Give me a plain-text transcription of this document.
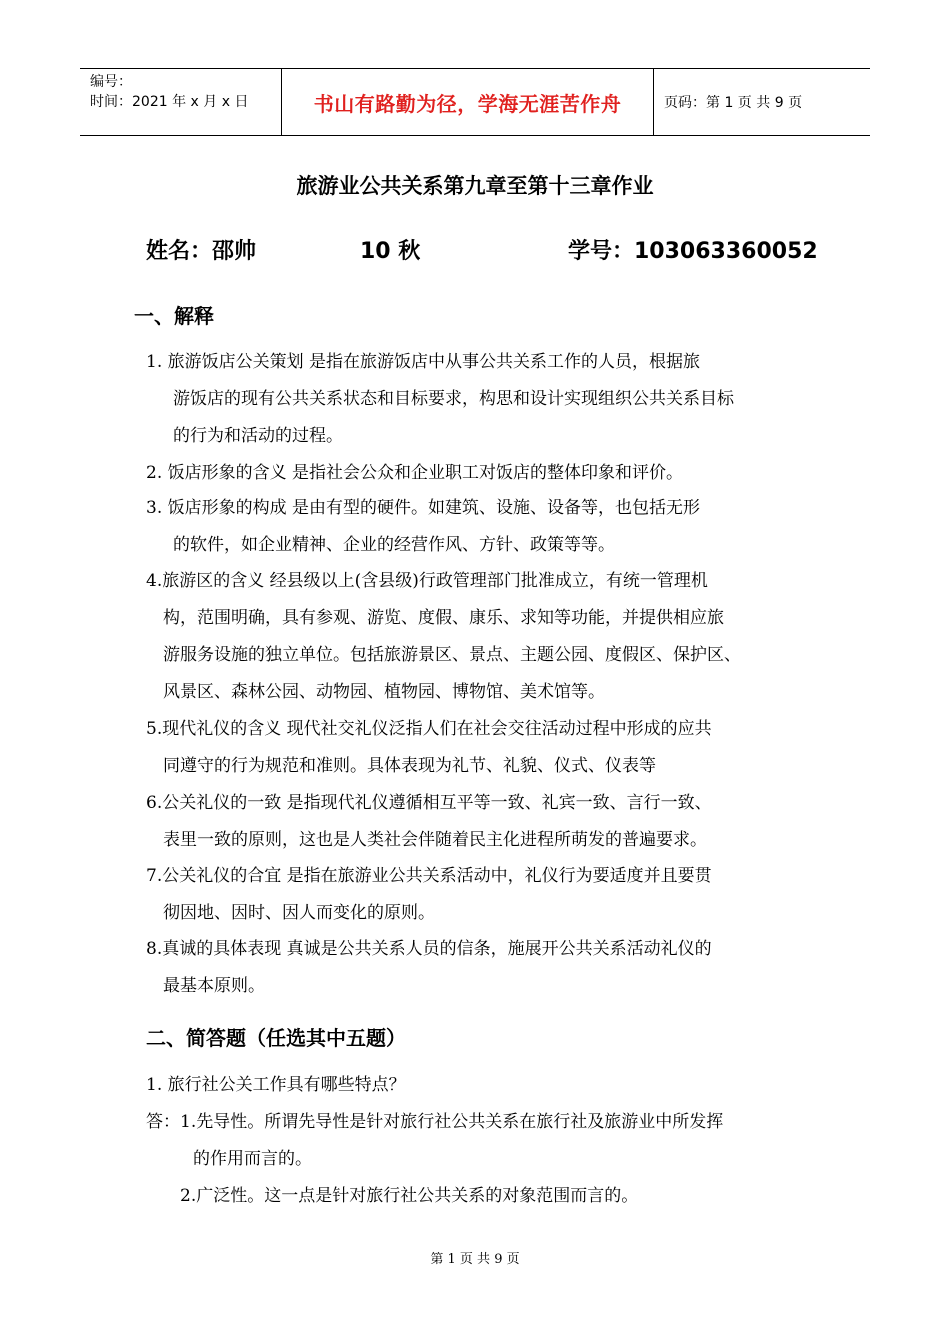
编号：
时间：2021 年 x 月 x 日	书山有路勤为径，学海无涯苦作舟	页码：第 1 页 共 9 页
旅游业公共关系第九章至第十三章作业
姓名：邵帅	10 秋	学号：103063360052
一、解释
1. 旅游饭店公关策划 是指在旅游饭店中从事公共关系工作的人员，根据旅
游饭店的现有公共关系状态和目标要求，构思和设计实现组织公共关系目标
的行为和活动的过程。
2. 饭店形象的含义 是指社会公众和企业职工对饭店的整体印象和评价。
3. 饭店形象的构成 是由有型的硬件。如建筑、设施、设备等，也包括无形
的软件，如企业精神、企业的经营作风、方针、政策等等。
4.旅游区的含义 经县级以上(含县级)行政管理部门批准成立，有统一管理机
构，范围明确，具有参观、游览、度假、康乐、求知等功能，并提供相应旅
游服务设施的独立单位。包括旅游景区、景点、主题公园、度假区、保护区、
风景区、森林公园、动物园、植物园、博物馆、美术馆等。
5.现代礼仪的含义 现代社交礼仪泛指人们在社会交往活动过程中形成的应共
同遵守的行为规范和准则。具体表现为礼节、礼貌、仪式、仪表等
6.公关礼仪的一致 是指现代礼仪遵循相互平等一致、礼宾一致、言行一致、
表里一致的原则，这也是人类社会伴随着民主化进程所萌发的普遍要求。
7.公关礼仪的合宜 是指在旅游业公共关系活动中，礼仪行为要适度并且要贯
彻因地、因时、因人而变化的原则。
8.真诚的具体表现 真诚是公共关系人员的信条，施展开公共关系活动礼仪的
最基本原则。
二、简答题（任选其中五题）
1. 旅行社公关工作具有哪些特点？
答：1.先导性。所谓先导性是针对旅行社公共关系在旅行社及旅游业中所发挥
的作用而言的。
2.广泛性。这一点是针对旅行社公共关系的对象范围而言的。
第 1 页 共 9 页
